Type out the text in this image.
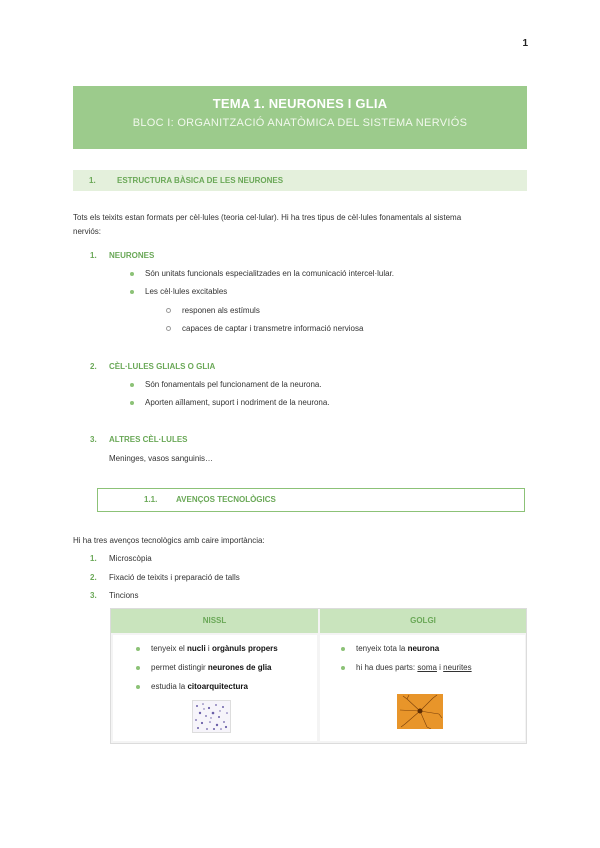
1
TEMA 1. NEURONES I GLIA
BLOC I: ORGANITZACIÓ ANATÒMICA DEL SISTEMA NERVIÓS
1.	ESTRUCTURA BÀSICA DE LES NEURONES
Tots els teixits estan formats per cèl·lules (teoria cel·lular). Hi ha tres tipus de cèl·lules fonamentals al sistema
nerviós:
1. NEURONES
Són unitats funcionals especialitzades en la comunicació intercel·lular.
Les cèl·lules excitables
responen als estímuls
capaces de captar i transmetre informació nerviosa
2. CÈL·LULES GLIALS O GLIA
Són fonamentals pel funcionament de la neurona.
Aporten aïllament, suport i nodriment de la neurona.
3. ALTRES CÈL·LULES
Meninges, vasos sanguinis…
1.1. AVENÇOS TECNOLÒGICS
Hi ha tres avenços tecnològics amb caire importància:
1. Microscòpia
2. Fixació de teixits i preparació de talls
3. Tincions
NISSL	GOLGI
tenyeix el nucli i orgànuls propers
permet distingir neurones de glia
estudia la citoarquitectura
tenyeix tota la neurona
hi ha dues parts: soma i neurites
